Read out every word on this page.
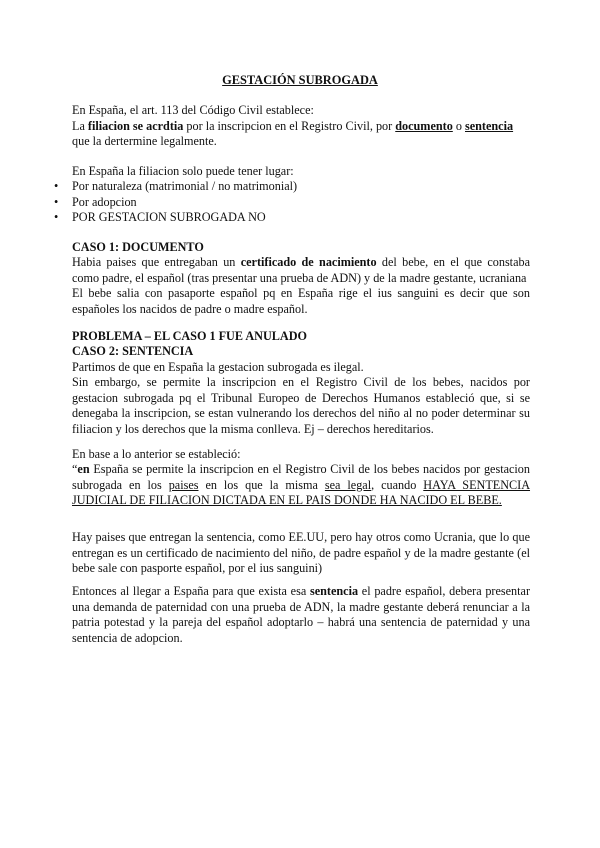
GESTACIÓN SUBROGADA
En España, el art. 113 del Código Civil establece:
La filiacion se acrdtia por la inscripcion en el Registro Civil, por documento o sentencia
que la dertermine legalmente.
En España la filiacion solo puede tener lugar:
• Por naturaleza (matrimonial / no matrimonial)
• Por adopcion
• POR GESTACION SUBROGADA NO
CASO 1: DOCUMENTO
Habia paises que entregaban un certificado de nacimiento del bebe, en el que constaba como padre, el español (tras presentar una prueba de ADN) y de la madre gestante, ucraniana
El bebe salia con pasaporte español pq en España rige el ius sanguini es decir que son españoles los nacidos de padre o madre español.
PROBLEMA – EL CASO 1 FUE ANULADO
CASO 2: SENTENCIA
Partimos de que en España la gestacion subrogada es ilegal.
Sin embargo, se permite la inscripcion en el Registro Civil de los bebes, nacidos por gestacion subrogada pq el Tribunal Europeo de Derechos Humanos estableció que, si se denegaba la inscripcion, se estan vulnerando los derechos del niño al no poder determinar su filiacion y los derechos que la misma conlleva. Ej – derechos hereditarios.
En base a lo anterior se estableció:
“en España se permite la inscripcion en el Registro Civil de los bebes nacidos por gestacion subrogada en los paises en los que la misma sea legal, cuando HAYA SENTENCIA JUDICIAL DE FILIACION DICTADA EN EL PAIS DONDE HA NACIDO EL BEBE.
Hay paises que entregan la sentencia, como EE.UU, pero hay otros como Ucrania, que lo que entregan es un certificado de nacimiento del niño, de padre español y de la madre gestante (el bebe sale con pasporte español, por el ius sanguini)
Entonces al llegar a España para que exista esa sentencia el padre español, debera presentar una demanda de paternidad con una prueba de ADN, la madre gestante deberá renunciar a la patria potestad y la pareja del español adoptarlo – habrá una sentencia de paternidad y una sentencia de adopcion.
